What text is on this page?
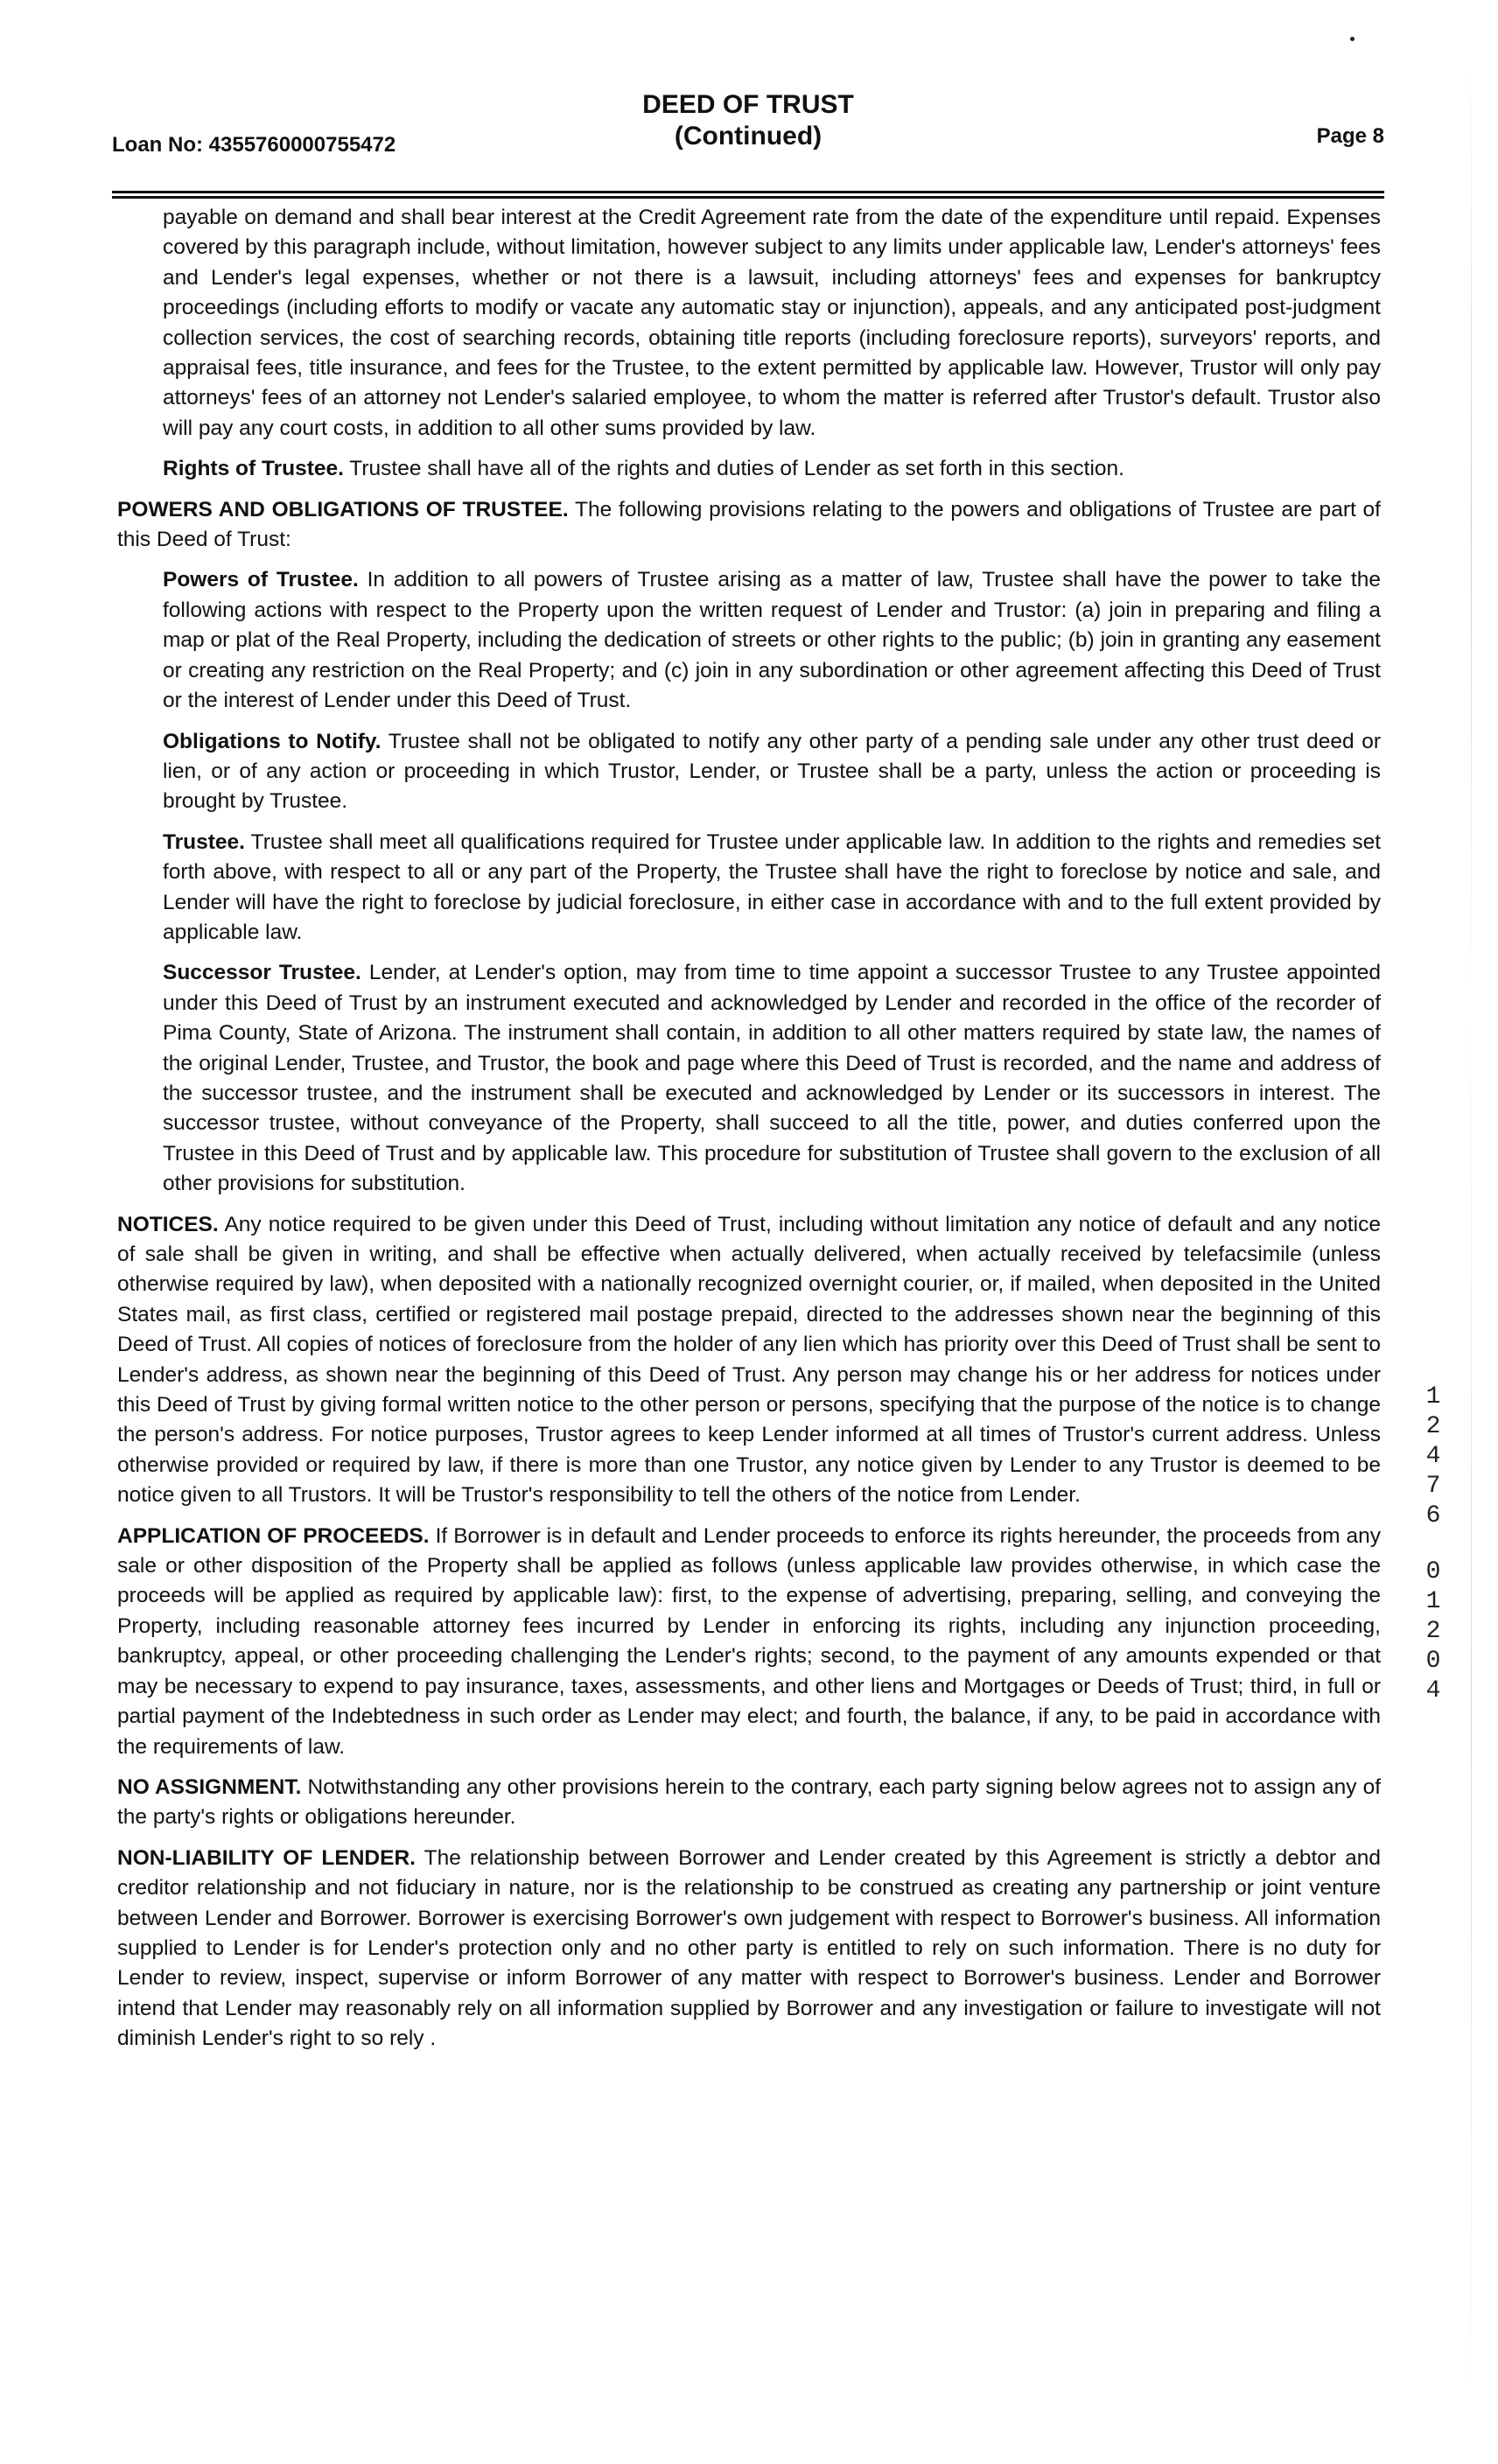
Loan No: 4355760000755472
DEED OF TRUST
(Continued)	Page 8

payable on demand and shall bear interest at the Credit Agreement rate from the date of the expenditure until repaid. Expenses covered by this paragraph include, without limitation, however subject to any limits under applicable law, Lender's attorneys' fees and Lender's legal expenses, whether or not there is a lawsuit, including attorneys' fees and expenses for bankruptcy proceedings (including efforts to modify or vacate any automatic stay or injunction), appeals, and any anticipated post-judgment collection services, the cost of searching records, obtaining title reports (including foreclosure reports), surveyors' reports, and appraisal fees, title insurance, and fees for the Trustee, to the extent permitted by applicable law. However, Trustor will only pay attorneys' fees of an attorney not Lender's salaried employee, to whom the matter is referred after Trustor's default. Trustor also will pay any court costs, in addition to all other sums provided by law.

Rights of Trustee. Trustee shall have all of the rights and duties of Lender as set forth in this section.

POWERS AND OBLIGATIONS OF TRUSTEE. The following provisions relating to the powers and obligations of Trustee are part of this Deed of Trust:

Powers of Trustee. In addition to all powers of Trustee arising as a matter of law, Trustee shall have the power to take the following actions with respect to the Property upon the written request of Lender and Trustor: (a) join in preparing and filing a map or plat of the Real Property, including the dedication of streets or other rights to the public; (b) join in granting any easement or creating any restriction on the Real Property; and (c) join in any subordination or other agreement affecting this Deed of Trust or the interest of Lender under this Deed of Trust.

Obligations to Notify. Trustee shall not be obligated to notify any other party of a pending sale under any other trust deed or lien, or of any action or proceeding in which Trustor, Lender, or Trustee shall be a party, unless the action or proceeding is brought by Trustee.

Trustee. Trustee shall meet all qualifications required for Trustee under applicable law. In addition to the rights and remedies set forth above, with respect to all or any part of the Property, the Trustee shall have the right to foreclose by notice and sale, and Lender will have the right to foreclose by judicial foreclosure, in either case in accordance with and to the full extent provided by applicable law.

Successor Trustee. Lender, at Lender's option, may from time to time appoint a successor Trustee to any Trustee appointed under this Deed of Trust by an instrument executed and acknowledged by Lender and recorded in the office of the recorder of Pima County, State of Arizona. The instrument shall contain, in addition to all other matters required by state law, the names of the original Lender, Trustee, and Trustor, the book and page where this Deed of Trust is recorded, and the name and address of the successor trustee, and the instrument shall be executed and acknowledged by Lender or its successors in interest. The successor trustee, without conveyance of the Property, shall succeed to all the title, power, and duties conferred upon the Trustee in this Deed of Trust and by applicable law. This procedure for substitution of Trustee shall govern to the exclusion of all other provisions for substitution.

NOTICES. Any notice required to be given under this Deed of Trust, including without limitation any notice of default and any notice of sale shall be given in writing, and shall be effective when actually delivered, when actually received by telefacsimile (unless otherwise required by law), when deposited with a nationally recognized overnight courier, or, if mailed, when deposited in the United States mail, as first class, certified or registered mail postage prepaid, directed to the addresses shown near the beginning of this Deed of Trust. All copies of notices of foreclosure from the holder of any lien which has priority over this Deed of Trust shall be sent to Lender's address, as shown near the beginning of this Deed of Trust. Any person may change his or her address for notices under this Deed of Trust by giving formal written notice to the other person or persons, specifying that the purpose of the notice is to change the person's address. For notice purposes, Trustor agrees to keep Lender informed at all times of Trustor's current address. Unless otherwise provided or required by law, if there is more than one Trustor, any notice given by Lender to any Trustor is deemed to be notice given to all Trustors. It will be Trustor's responsibility to tell the others of the notice from Lender.

APPLICATION OF PROCEEDS. If Borrower is in default and Lender proceeds to enforce its rights hereunder, the proceeds from any sale or other disposition of the Property shall be applied as follows (unless applicable law provides otherwise, in which case the proceeds will be applied as required by applicable law): first, to the expense of advertising, preparing, selling, and conveying the Property, including reasonable attorney fees incurred by Lender in enforcing its rights, including any injunction proceeding, bankruptcy, appeal, or other proceeding challenging the Lender's rights; second, to the payment of any amounts expended or that may be necessary to expend to pay insurance, taxes, assessments, and other liens and Mortgages or Deeds of Trust; third, in full or partial payment of the Indebtedness in such order as Lender may elect; and fourth, the balance, if any, to be paid in accordance with the requirements of law.

NO ASSIGNMENT. Notwithstanding any other provisions herein to the contrary, each party signing below agrees not to assign any of the party's rights or obligations hereunder.

NON-LIABILITY OF LENDER. The relationship between Borrower and Lender created by this Agreement is strictly a debtor and creditor relationship and not fiduciary in nature, nor is the relationship to be construed as creating any partnership or joint venture between Lender and Borrower. Borrower is exercising Borrower's own judgement with respect to Borrower's business. All information supplied to Lender is for Lender's protection only and no other party is entitled to rely on such information. There is no duty for Lender to review, inspect, supervise or inform Borrower of any matter with respect to Borrower's business. Lender and Borrower intend that Lender may reasonably rely on all information supplied by Borrower and any investigation or failure to investigate will not diminish Lender's right to so rely .

1
2
4
7
6
0
1
2
0
4
